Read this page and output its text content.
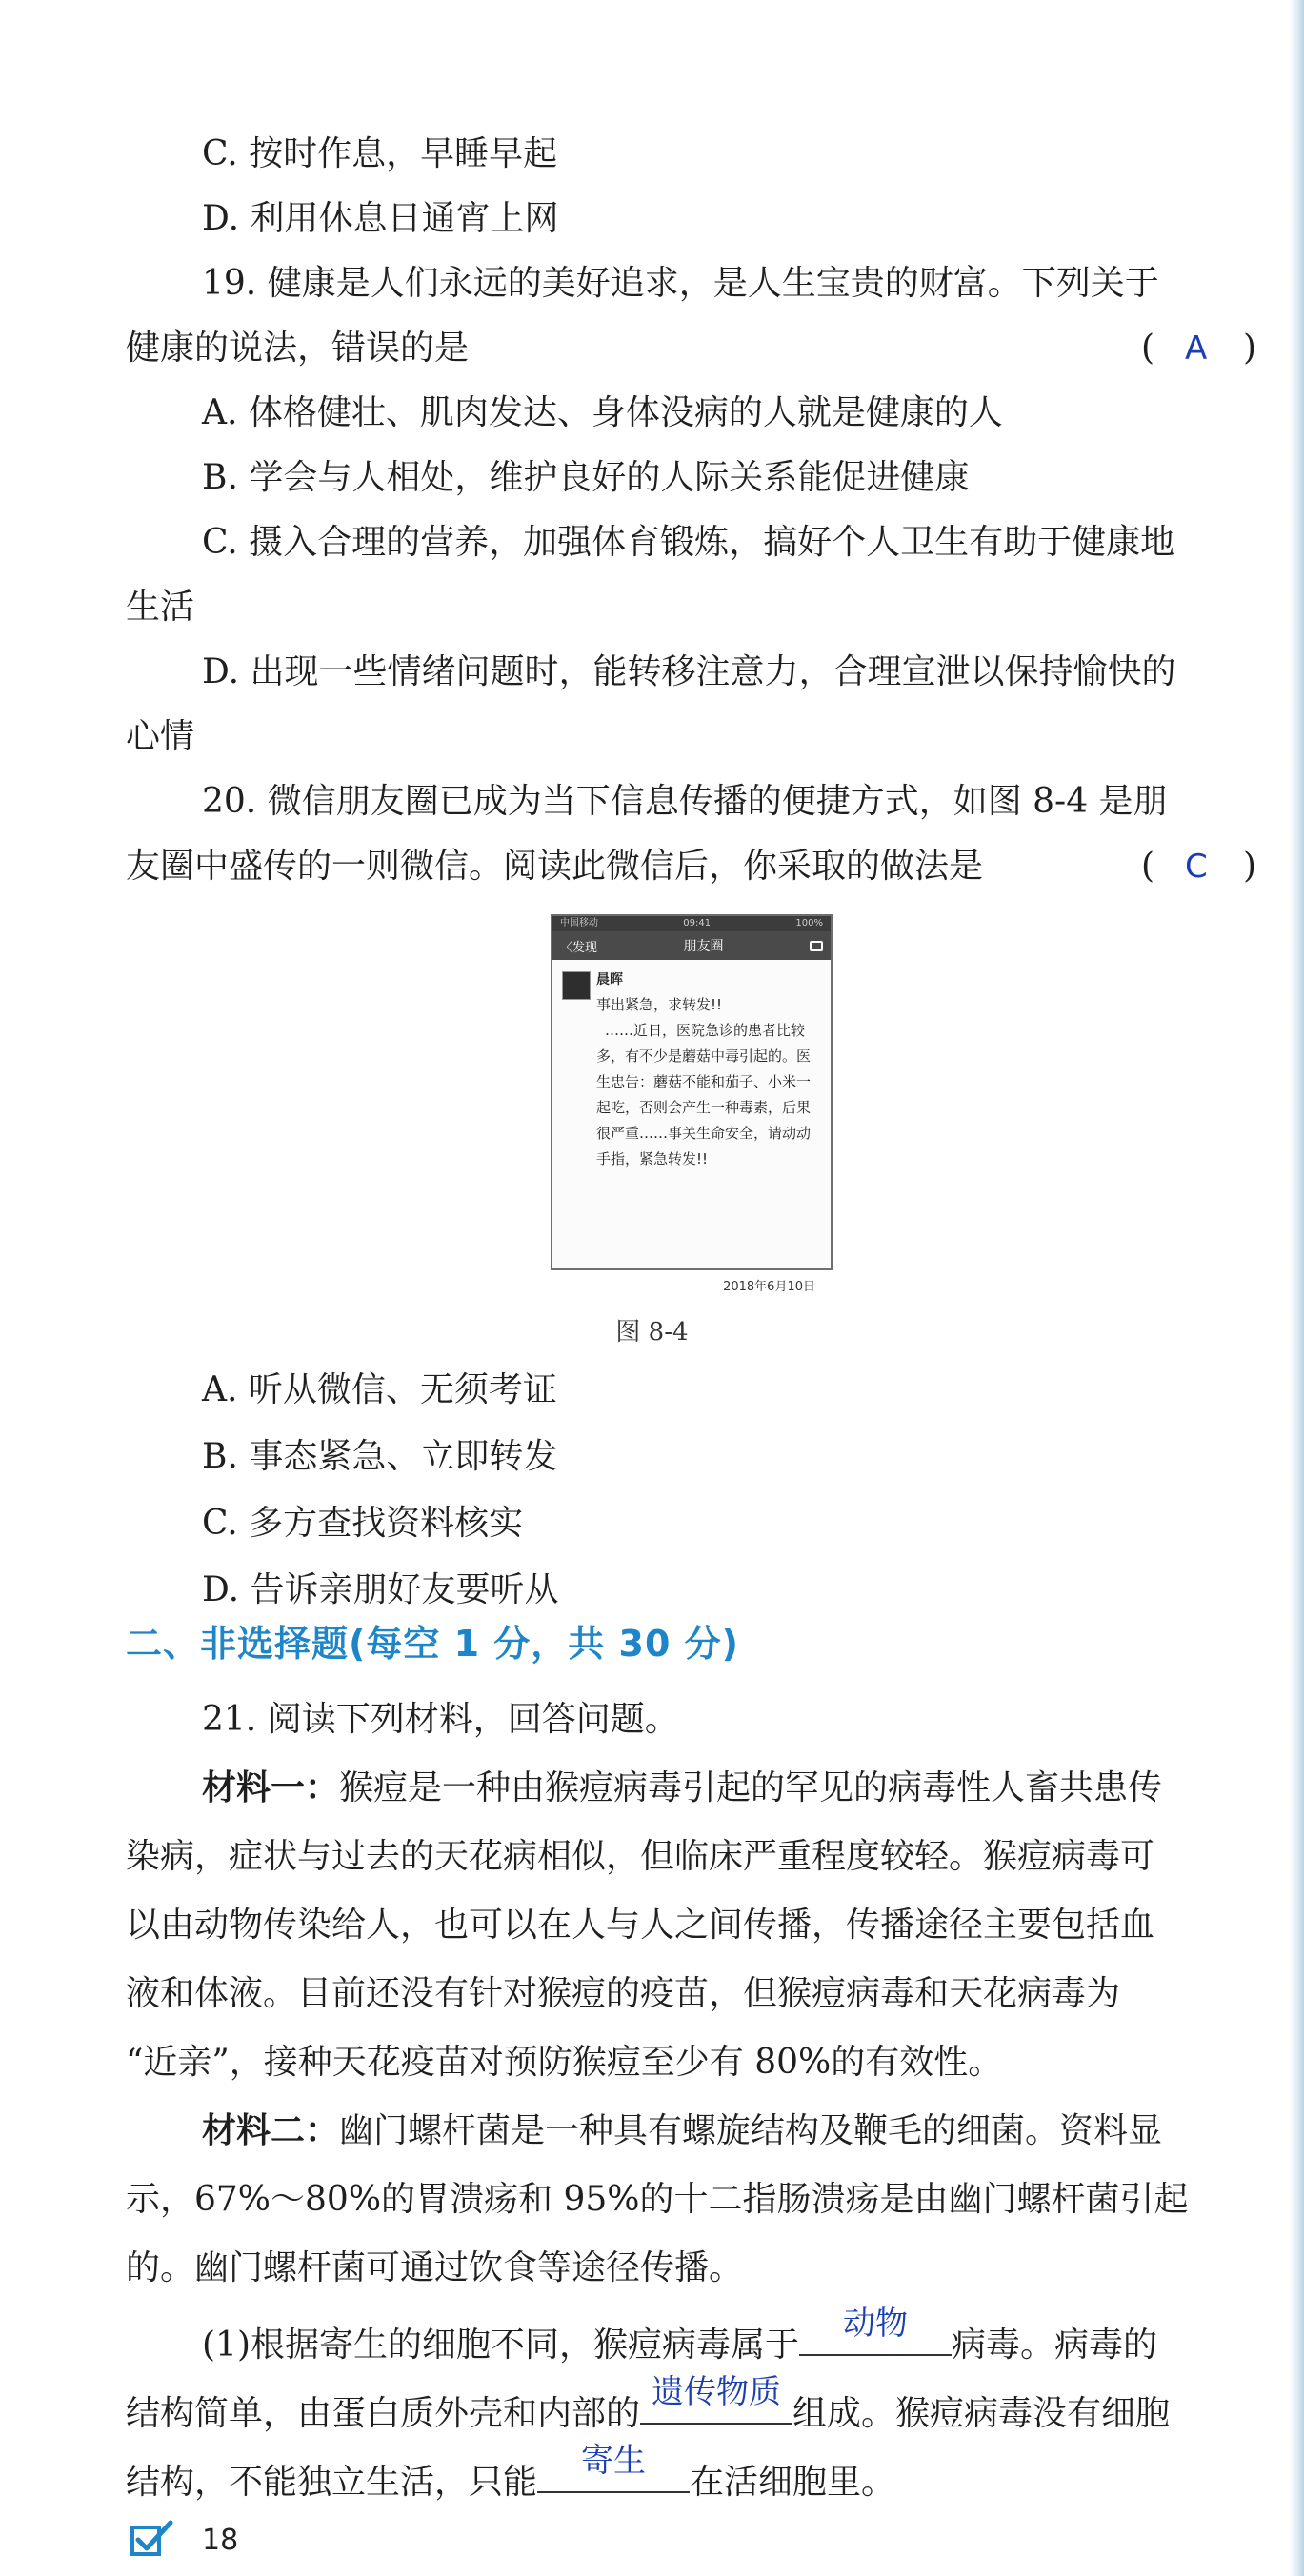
C. 按时作息，早睡早起
D. 利用休息日通宵上网
19. 健康是人们永远的美好追求，是人生宝贵的财富。下列关于
健康的说法，错误的是	( A )
A. 体格健壮、肌肉发达、身体没病的人就是健康的人
B. 学会与人相处，维护良好的人际关系能促进健康
C. 摄入合理的营养，加强体育锻炼，搞好个人卫生有助于健康地
生活
D. 出现一些情绪问题时，能转移注意力，合理宣泄以保持愉快的
心情
20. 微信朋友圈已成为当下信息传播的便捷方式，如图 8-4 是朋
友圈中盛传的一则微信。阅读此微信后，你采取的做法是	( C )
中国移动	09:41	100%
〈发现	朋友圈
晨晖
事出紧急，求转发!!
……近日，医院急诊的患者比较多，有不少是蘑菇中毒引起的。医生忠告：蘑菇不能和茄子、小米一起吃，否则会产生一种毒素，后果很严重……事关生命安全，请动动手指，紧急转发!!
2018年6月10日
图 8-4
A. 听从微信、无须考证
B. 事态紧急、立即转发
C. 多方查找资料核实
D. 告诉亲朋好友要听从
二、非选择题(每空 1 分，共 30 分)
21. 阅读下列材料，回答问题。
材料一：猴痘是一种由猴痘病毒引起的罕见的病毒性人畜共患传
染病，症状与过去的天花病相似，但临床严重程度较轻。猴痘病毒可
以由动物传染给人，也可以在人与人之间传播，传播途径主要包括血
液和体液。目前还没有针对猴痘的疫苗，但猴痘病毒和天花病毒为
“近亲”，接种天花疫苗对预防猴痘至少有 80%的有效性。
材料二：幽门螺杆菌是一种具有螺旋结构及鞭毛的细菌。资料显
示，67%～80%的胃溃疡和 95%的十二指肠溃疡是由幽门螺杆菌引起
的。幽门螺杆菌可通过饮食等途径传播。
(1)根据寄生的细胞不同，猴痘病毒属于
动物
病毒。病毒的
结构简单，由蛋白质外壳和内部的
遗传物质
组成。猴痘病毒没有细胞
结构，不能独立生活，只能
寄生
在活细胞里。
18
